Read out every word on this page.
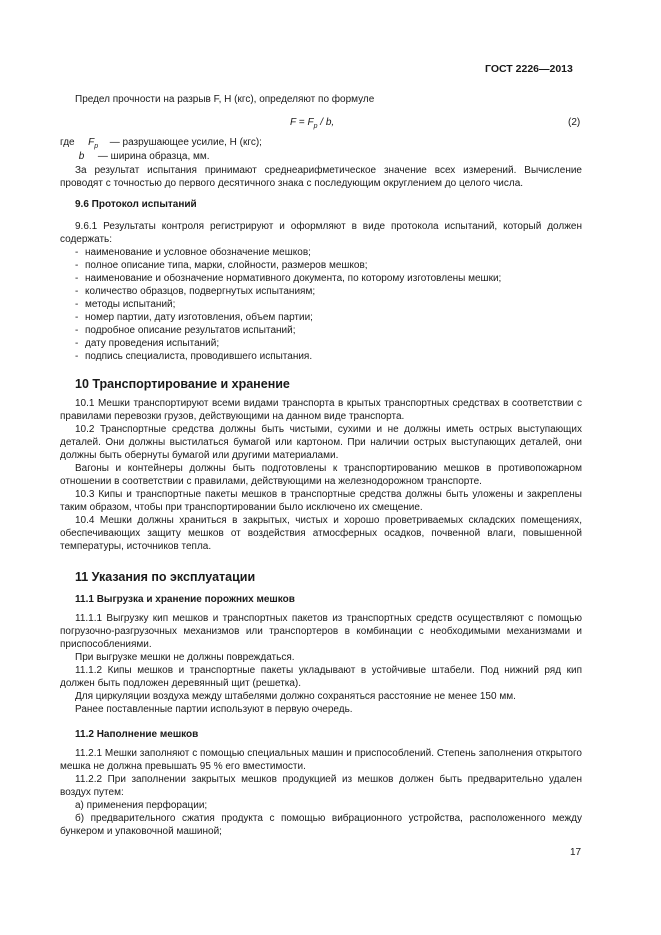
ГОСТ 2226—2013

Предел прочности на разрыв F, Н (кгс), определяют по формуле

$F = F_р / b$,	(2)
где $F_р$ — разрушающее усилие, Н (кгс);
b — ширина образца, мм.

За результат испытания принимают среднеарифметическое значение всех измерений. Вычисление проводят с точностью до первого десятичного знака с последующим округлением до целого числа.

9.6 Протокол испытаний

9.6.1 Результаты контроля регистрируют и оформляют в виде протокола испытаний, который должен содержать:

- наименование и условное обозначение мешков;
- полное описание типа, марки, слойности, размеров мешков;
- наименование и обозначение нормативного документа, по которому изготовлены мешки;
- количество образцов, подвергнутых испытаниям;
- методы испытаний;
- номер партии, дату изготовления, объем партии;
- подробное описание результатов испытаний;
- дату проведения испытаний;
- подпись специалиста, проводившего испытания.

10 Транспортирование и хранение

10.1 Мешки транспортируют всеми видами транспорта в крытых транспортных средствах в соответствии с правилами перевозки грузов, действующими на данном виде транспорта.

10.2 Транспортные средства должны быть чистыми, сухими и не должны иметь острых выступающих деталей. Они должны выстилаться бумагой или картоном. При наличии острых выступающих деталей, они должны быть обернуты бумагой или другими материалами.

Вагоны и контейнеры должны быть подготовлены к транспортированию мешков в противопожарном отношении в соответствии с правилами, действующими на железнодорожном транспорте.

10.3 Кипы и транспортные пакеты мешков в транспортные средства должны быть уложены и закреплены таким образом, чтобы при транспортировании было исключено их смещение.

10.4 Мешки должны храниться в закрытых, чистых и хорошо проветриваемых складских помещениях, обеспечивающих защиту мешков от воздействия атмосферных осадков, почвенной влаги, повышенной температуры, источников тепла.

11 Указания по эксплуатации

11.1 Выгрузка и хранение порожних мешков

11.1.1 Выгрузку кип мешков и транспортных пакетов из транспортных средств осуществляют с помощью погрузочно-разгрузочных механизмов или транспортеров в комбинации с необходимыми механизмами и приспособлениями.

При выгрузке мешки не должны повреждаться.

11.1.2 Кипы мешков и транспортные пакеты укладывают в устойчивые штабели. Под нижний ряд кип должен быть подложен деревянный щит (решетка).

Для циркуляции воздуха между штабелями должно сохраняться расстояние не менее 150 мм.

Ранее поставленные партии используют в первую очередь.

11.2 Наполнение мешков

11.2.1 Мешки заполняют с помощью специальных машин и приспособлений. Степень заполнения открытого мешка не должна превышать 95 % его вместимости.

11.2.2 При заполнении закрытых мешков продукцией из мешков должен быть предварительно удален воздух путем:

а) применения перфорации;

б) предварительного сжатия продукта с помощью вибрационного устройства, расположенного между бункером и упаковочной машиной;

17
